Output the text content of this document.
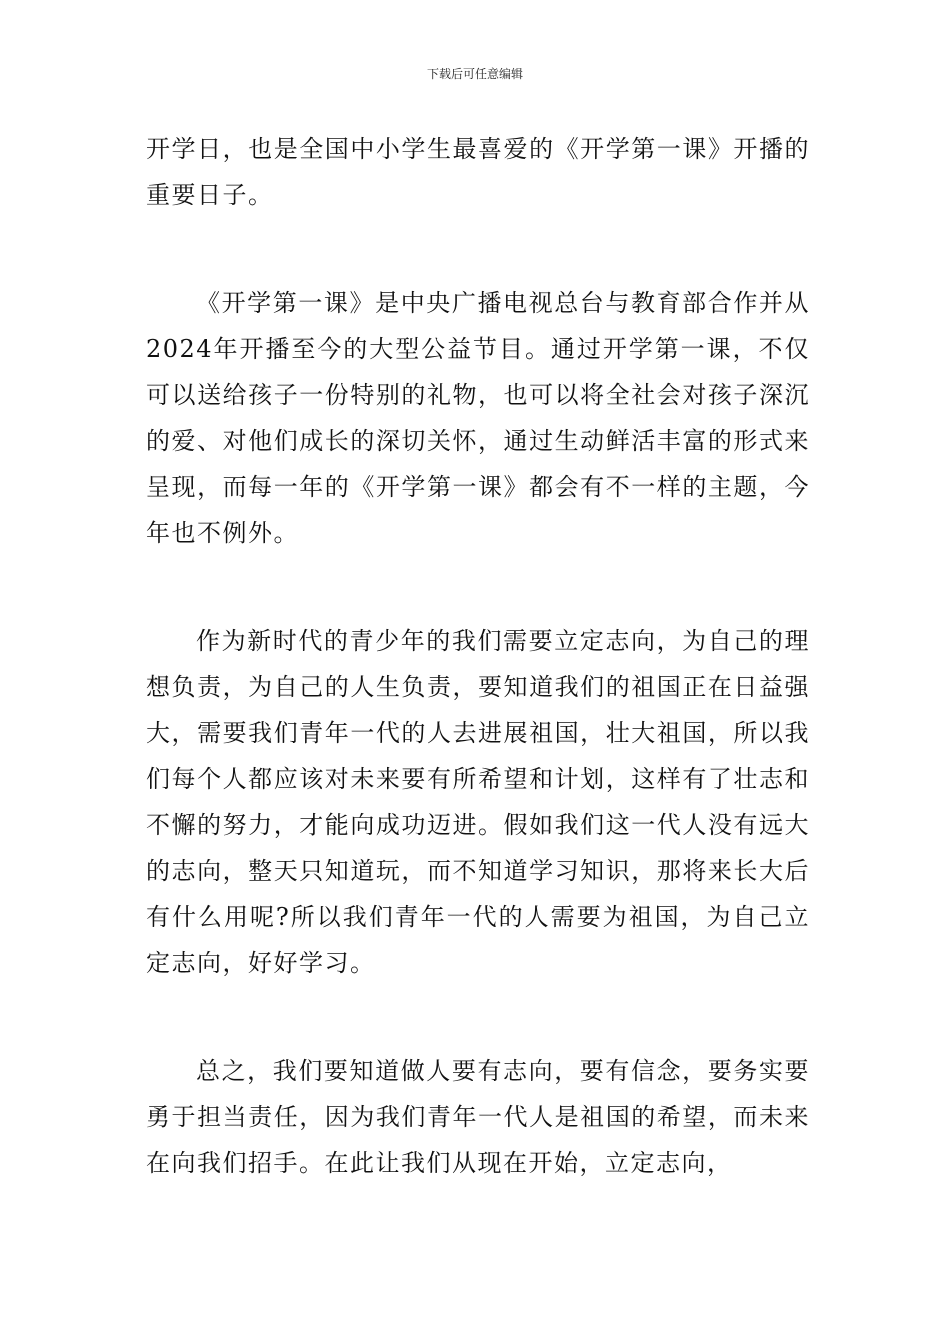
下载后可任意编辑

开学日，也是全国中小学生最喜爱的《开学第一课》开播的重要日子。

《开学第一课》是中央广播电视总台与教育部合作并从2024年开播至今的大型公益节目。通过开学第一课，不仅可以送给孩子一份特别的礼物，也可以将全社会对孩子深沉的爱、对他们成长的深切关怀，通过生动鲜活丰富的形式来呈现，而每一年的《开学第一课》都会有不一样的主题，今年也不例外。

作为新时代的青少年的我们需要立定志向，为自己的理想负责，为自己的人生负责，要知道我们的祖国正在日益强大，需要我们青年一代的人去进展祖国，壮大祖国，所以我们每个人都应该对未来要有所希望和计划，这样有了壮志和不懈的努力，才能向成功迈进。假如我们这一代人没有远大的志向，整天只知道玩，而不知道学习知识，那将来长大后有什么用呢?所以我们青年一代的人需要为祖国，为自己立定志向，好好学习。

总之，我们要知道做人要有志向，要有信念，要务实要勇于担当责任，因为我们青年一代人是祖国的希望，而未来在向我们招手。在此让我们从现在开始，立定志向，
